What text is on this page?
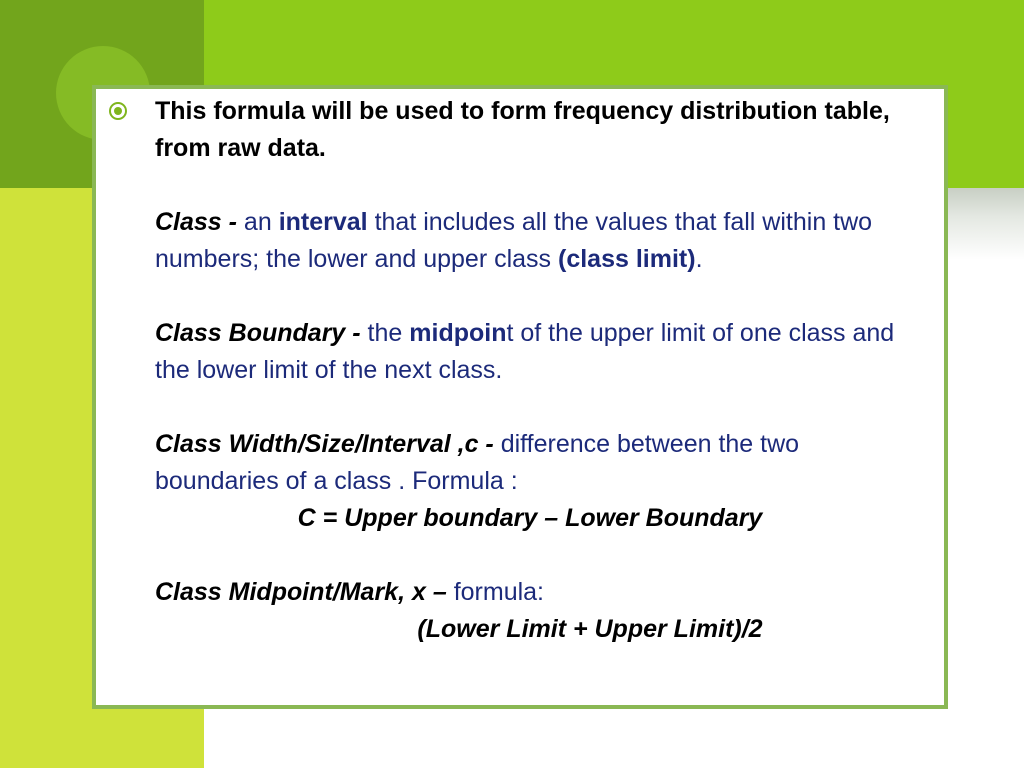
This formula will be used to form frequency distribution table, from raw data.

Class - an interval that includes all the values that fall within two numbers; the lower and upper class (class limit).

Class Boundary - the midpoint of the upper limit of one class and the lower limit of the next class.

Class Width/Size/Interval ,c - difference between the two boundaries of a class . Formula :

C = Upper boundary – Lower Boundary

Class Midpoint/Mark, x – formula:

(Lower Limit + Upper Limit)/2
